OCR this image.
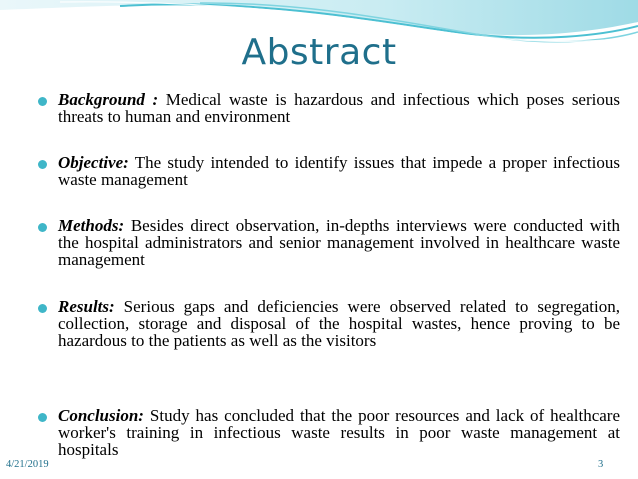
Abstract

Background : Medical waste is hazardous and infectious which poses serious threats to human and environment

Objective: The study intended to identify issues that impede a proper infectious waste management

Methods: Besides direct observation, in-depths interviews were conducted with the hospital administrators and senior management involved in healthcare waste management

Results: Serious gaps and deficiencies were observed related to segregation, collection, storage and disposal of the hospital wastes, hence proving to be hazardous to the patients as well as the visitors

Conclusion: Study has concluded that the poor resources and lack of healthcare worker's training in infectious waste results in poor waste management at hospitals

4/21/2019	3
